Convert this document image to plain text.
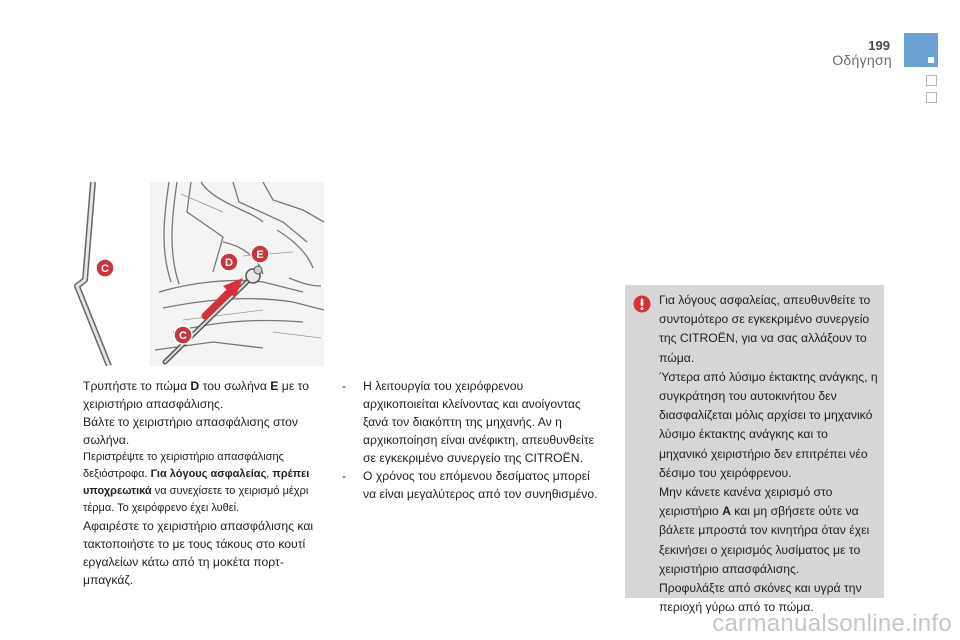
199
Οδήγηση
C	D
E
C

Τρυπήστε το πώμα D του σωλήνα E με το χειριστήριο απασφάλισης.

Βάλτε το χειριστήριο απασφάλισης στον σωλήνα.

Περιστρέψτε το χειριστήριο απασφάλισης δεξιόστροφα. Για λόγους ασφαλείας, πρέπει υποχρεωτικά να συνεχίσετε το χειρισμό μέχρι τέρμα. Το χειρόφρενο έχει λυθεί.

Αφαιρέστε το χειριστήριο απασφάλισης και τακτοποιήστε το με τους τάκους στο κουτί εργαλείων κάτω από τη μοκέτα πορτ-μπαγκάζ.

- Η λειτουργία του χειρόφρενου αρχικοποιείται κλείνοντας και ανοίγοντας ξανά τον διακόπτη της μηχανής. Αν η αρχικοποίηση είναι ανέφικτη, απευθυνθείτε σε εγκεκριμένο συνεργείο της CITROËN.

- Ο χρόνος του επόμενου δεσίματος μπορεί να είναι μεγαλύτερος από τον συνηθισμένο.

Για λόγους ασφαλείας, απευθυνθείτε το συντομότερο σε εγκεκριμένο συνεργείο της CITROËN, για να σας αλλάξουν το πώμα.

Ύστερα από λύσιμο έκτακτης ανάγκης, η συγκράτηση του αυτοκινήτου δεν διασφαλίζεται μόλις αρχίσει το μηχανικό λύσιμο έκτακτης ανάγκης και το μηχανικό χειριστήριο δεν επιτρέπει νέο δέσιμο του χειρόφρενου.

Μην κάνετε κανένα χειρισμό στο χειριστήριο A και μη σβήσετε ούτε να βάλετε μπροστά τον κινητήρα όταν έχει ξεκινήσει ο χειρισμός λυσίματος με το χειριστήριο απασφάλισης.

Προφυλάξτε από σκόνες και υγρά την περιοχή γύρω από το πώμα.

carmanualsonline.info
